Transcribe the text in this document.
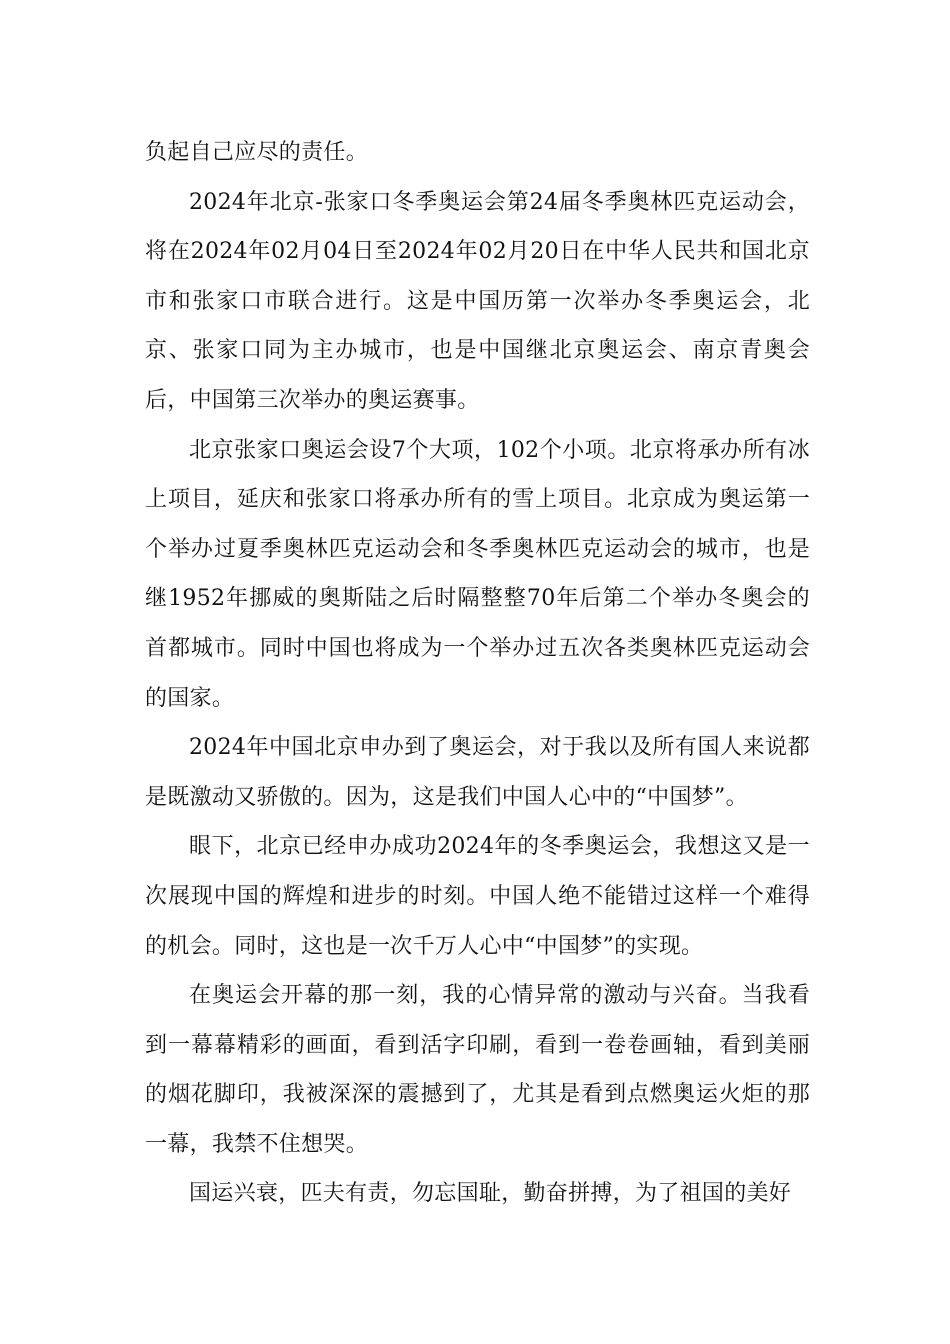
负起自己应尽的责任。

2024年北京-张家口冬季奥运会第24届冬季奥林匹克运动会，将在2024年02月04日至2024年02月20日在中华人民共和国北京市和张家口市联合进行。这是中国历第一次举办冬季奥运会，北京、张家口同为主办城市，也是中国继北京奥运会、南京青奥会后，中国第三次举办的奥运赛事。

北京张家口奥运会设7个大项，102个小项。北京将承办所有冰上项目，延庆和张家口将承办所有的雪上项目。北京成为奥运第一个举办过夏季奥林匹克运动会和冬季奥林匹克运动会的城市，也是继1952年挪威的奥斯陆之后时隔整整70年后第二个举办冬奥会的首都城市。同时中国也将成为一个举办过五次各类奥林匹克运动会的国家。

2024年中国北京申办到了奥运会，对于我以及所有国人来说都是既激动又骄傲的。因为，这是我们中国人心中的“中国梦”。

眼下，北京已经申办成功2024年的冬季奥运会，我想这又是一次展现中国的辉煌和进步的时刻。中国人绝不能错过这样一个难得的机会。同时，这也是一次千万人心中“中国梦”的实现。

在奥运会开幕的那一刻，我的心情异常的激动与兴奋。当我看到一幕幕精彩的画面，看到活字印刷，看到一卷卷画轴，看到美丽的烟花脚印，我被深深的震撼到了，尤其是看到点燃奥运火炬的那一幕，我禁不住想哭。

国运兴衰，匹夫有责，勿忘国耻，勤奋拼搏，为了祖国的美好
